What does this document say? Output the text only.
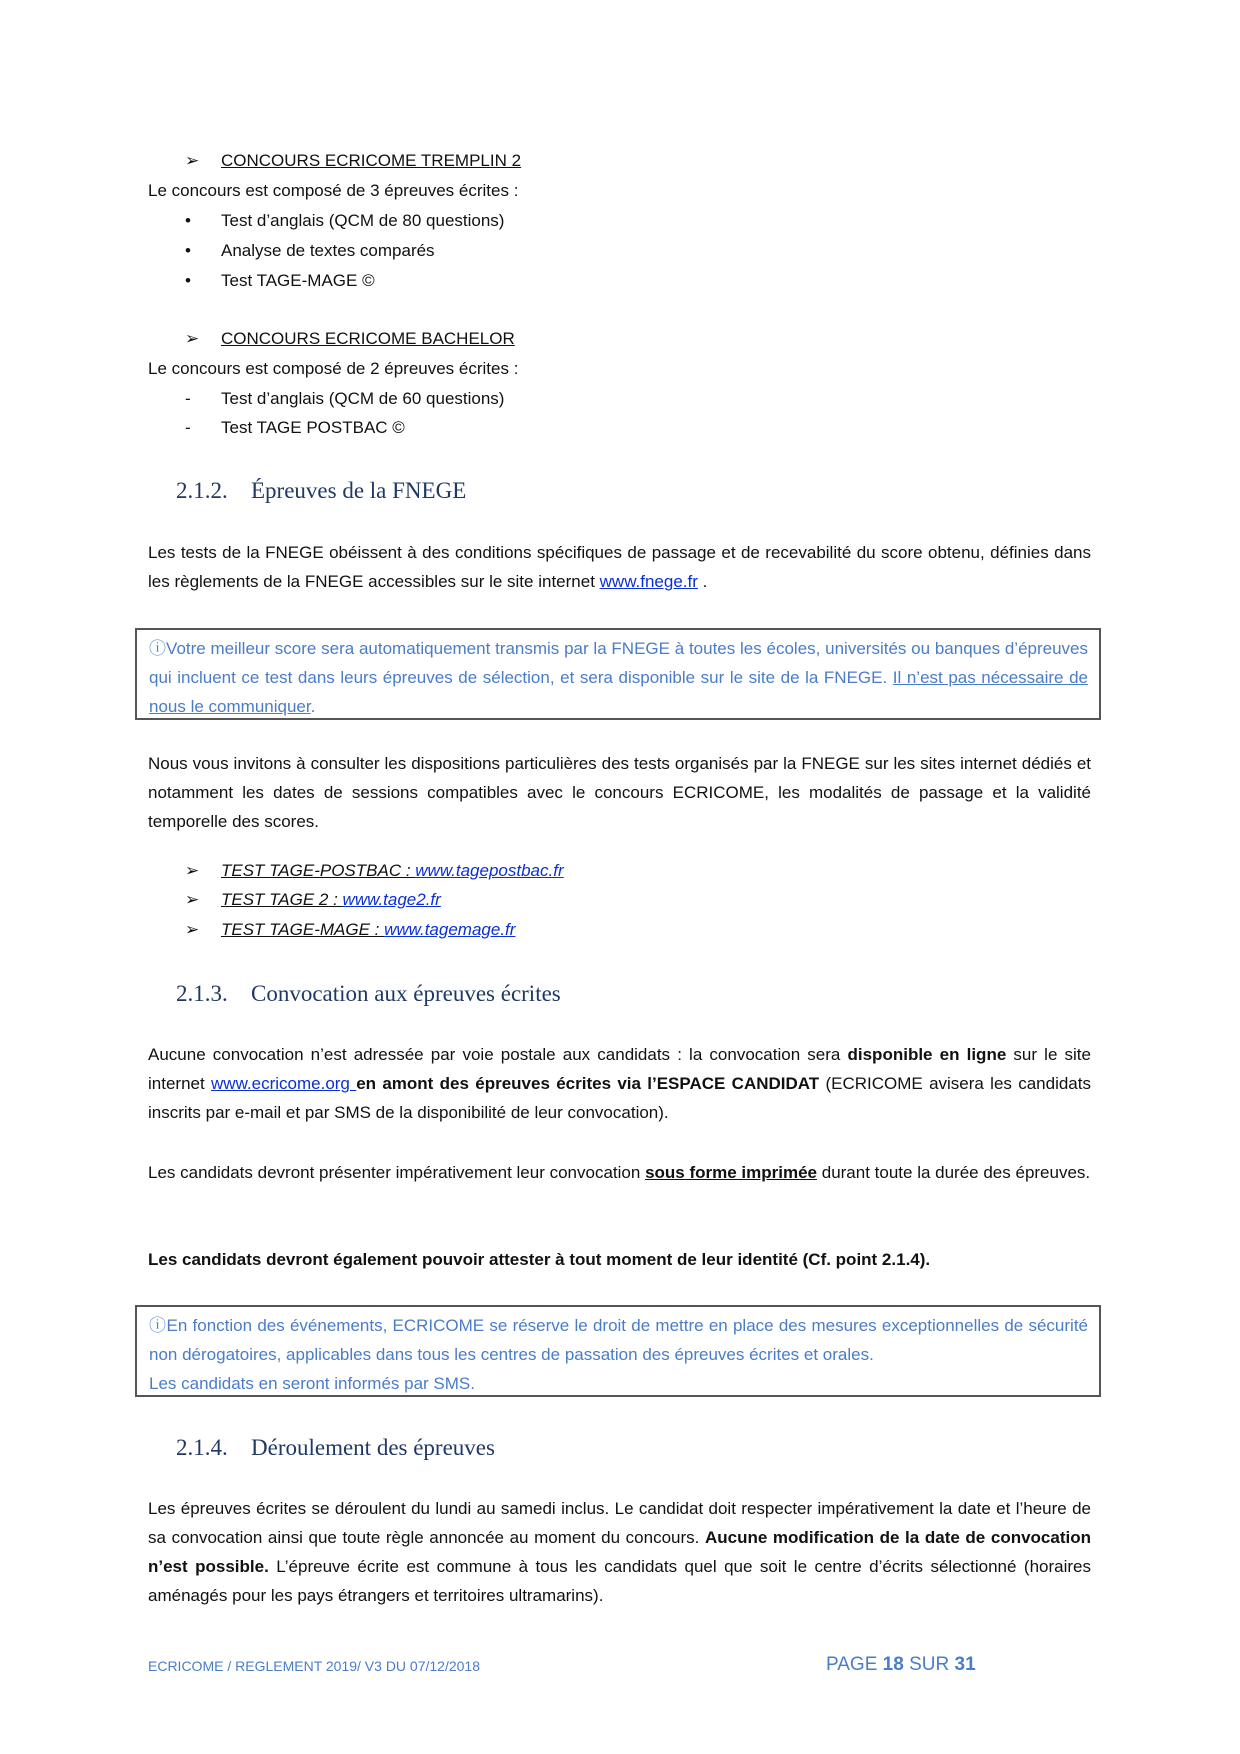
➢	CONCOURS ECRICOME TREMPLIN 2
Le concours est composé de 3 épreuves écrites :
•	Test d’anglais (QCM de 80 questions)
•	Analyse de textes comparés
•	Test TAGE-MAGE ©
➢	CONCOURS ECRICOME BACHELOR
Le concours est composé de 2 épreuves écrites :
-	Test d’anglais (QCM de 60 questions)
-	Test TAGE POSTBAC ©
2.1.2. Épreuves de la FNEGE
Les tests de la FNEGE obéissent à des conditions spécifiques de passage et de recevabilité du score obtenu, définies dans les règlements de la FNEGE accessibles sur le site internet www.fnege.fr .
ⓘVotre meilleur score sera automatiquement transmis par la FNEGE à toutes les écoles, universités ou banques d’épreuves qui incluent ce test dans leurs épreuves de sélection, et sera disponible sur le site de la FNEGE. Il n’est pas nécessaire de nous le communiquer.
Nous vous invitons à consulter les dispositions particulières des tests organisés par la FNEGE sur les sites internet dédiés et notamment les dates de sessions compatibles avec le concours ECRICOME, les modalités de passage et la validité temporelle des scores.
➢	TEST TAGE-POSTBAC : www.tagepostbac.fr
➢	TEST TAGE 2 : www.tage2.fr
➢	TEST TAGE-MAGE : www.tagemage.fr
2.1.3. Convocation aux épreuves écrites
Aucune convocation n’est adressée par voie postale aux candidats : la convocation sera disponible en ligne sur le site internet www.ecricome.org en amont des épreuves écrites via l’ESPACE CANDIDAT (ECRICOME avisera les candidats inscrits par e-mail et par SMS de la disponibilité de leur convocation).
Les candidats devront présenter impérativement leur convocation sous forme imprimée durant toute la durée des épreuves.
Les candidats devront également pouvoir attester à tout moment de leur identité (Cf. point 2.1.4).
ⓘEn fonction des événements, ECRICOME se réserve le droit de mettre en place des mesures exceptionnelles de sécurité non dérogatoires, applicables dans tous les centres de passation des épreuves écrites et orales.
Les candidats en seront informés par SMS.
2.1.4. Déroulement des épreuves
Les épreuves écrites se déroulent du lundi au samedi inclus. Le candidat doit respecter impérativement la date et l’heure de sa convocation ainsi que toute règle annoncée au moment du concours. Aucune modification de la date de convocation n’est possible. L’épreuve écrite est commune à tous les candidats quel que soit le centre d’écrits sélectionné (horaires aménagés pour les pays étrangers et territoires ultramarins).
ECRICOME / REGLEMENT 2019/ V3 DU 07/12/2018	PAGE 18 SUR 31
